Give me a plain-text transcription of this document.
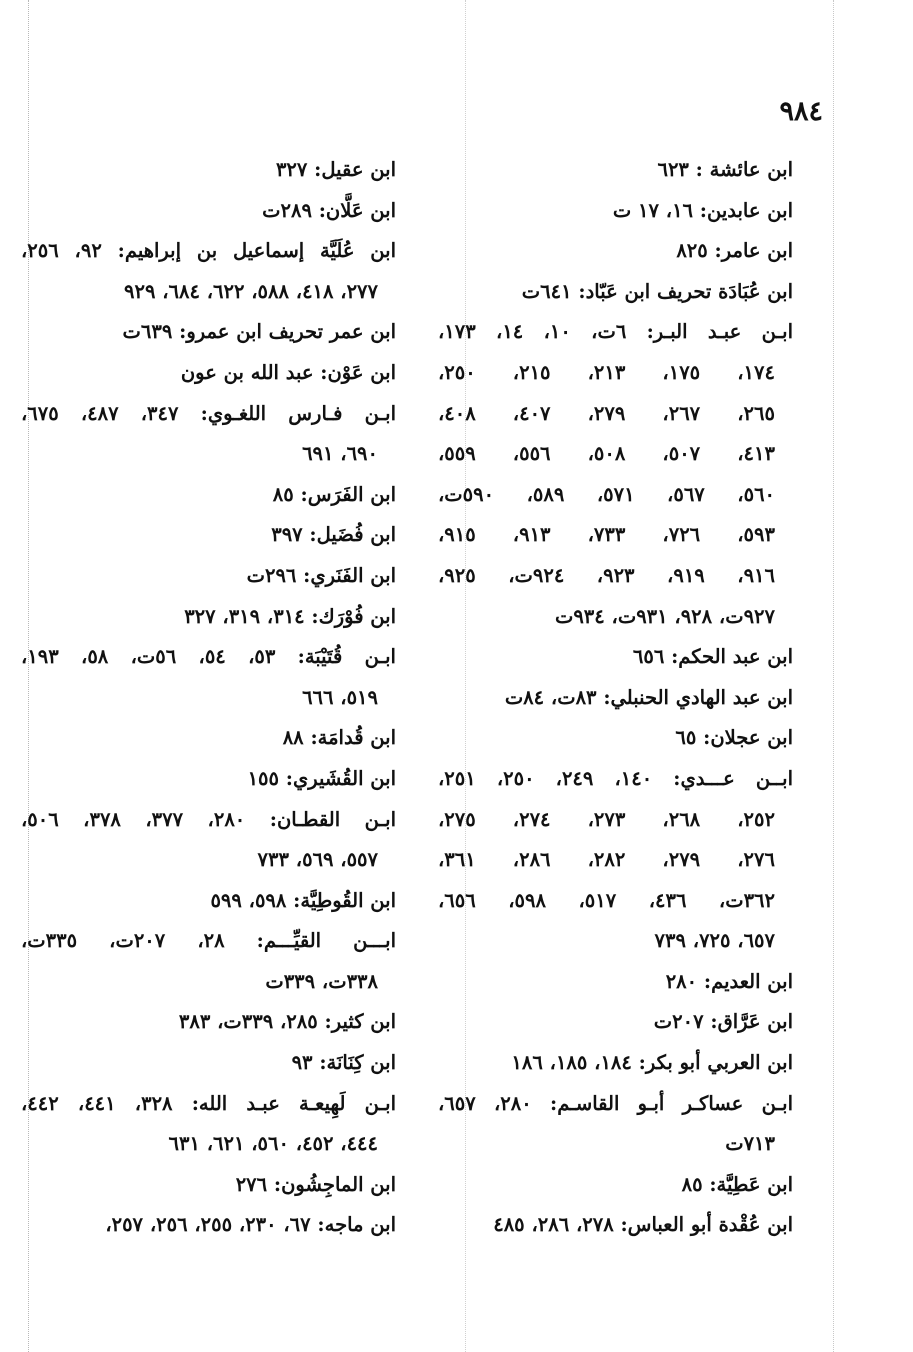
٩٨٤
ابن عائشة : ٦٢٣
ابن عابدين: ١٦، ١٧ ت
ابن عامر: ٨٢٥
ابن عُبَادَة تحريف ابن عَبّاد: ٦٤١ت
ابـن عبـد البـر: ٦ت، ١٠، ١٤، ١٧٣،
١٧٤، ١٧٥، ٢١٣، ٢١٥، ٢٥٠،
٢٦٥، ٢٦٧، ٢٧٩، ٤٠٧، ٤٠٨،
٤١٣، ٥٠٧، ٥٠٨، ٥٥٦، ٥٥٩،
٥٦٠، ٥٦٧، ٥٧١، ٥٨٩، ٥٩٠ت،
٥٩٣، ٧٢٦، ٧٣٣، ٩١٣، ٩١٥،
٩١٦، ٩١٩، ٩٢٣، ٩٢٤ت، ٩٢٥،
٩٢٧ت، ٩٢٨، ٩٣١ت، ٩٣٤ت
ابن عبد الحكم: ٦٥٦
ابن عبد الهادي الحنبلي: ٨٣ت، ٨٤ت
ابن عجلان: ٦٥
ابــن عـــدي: ١٤٠، ٢٤٩، ٢٥٠، ٢٥١،
٢٥٢، ٢٦٨، ٢٧٣، ٢٧٤، ٢٧٥،
٢٧٦، ٢٧٩، ٢٨٢، ٢٨٦، ٣٦١،
٣٦٢ت، ٤٣٦، ٥١٧، ٥٩٨، ٦٥٦،
٦٥٧، ٧٢٥، ٧٣٩
ابن العديم: ٢٨٠
ابن عَرَّاق: ٢٠٧ت
ابن العربي أبو بكر: ١٨٤، ١٨٥، ١٨٦
ابـن عساكـر أبـو القاسـم: ٢٨٠، ٦٥٧،
٧١٣ت
ابن عَطِيَّة: ٨٥
ابن عُقْدة أبو العباس: ٢٧٨، ٢٨٦، ٤٨٥
ابن عقيل: ٣٢٧
ابن عَلَّان: ٢٨٩ت
ابن عُلَيَّة إسماعيل بن إبراهيم: ٩٢، ٢٥٦،
٢٧٧، ٤١٨، ٥٨٨، ٦٢٢، ٦٨٤، ٩٢٩
ابن عمر تحريف ابن عمرو: ٦٣٩ت
ابن عَوْن: عبد الله بن عون
ابـن فـارس اللغـوي: ٣٤٧، ٤٨٧، ٦٧٥،
٦٩٠، ٦٩١
ابن الفَرَس: ٨٥
ابن فُضَيل: ٣٩٧
ابن الفَنَري: ٢٩٦ت
ابن فُوْرَك: ٣١٤، ٣١٩، ٣٢٧
ابـن قُتَيْبَة: ٥٣، ٥٤، ٥٦ت، ٥٨، ١٩٣،
٥١٩، ٦٦٦
ابن قُدامَة: ٨٨
ابن القُشَيري: ١٥٥
ابـن القطـان: ٢٨٠، ٣٧٧، ٣٧٨، ٥٠٦،
٥٥٧، ٥٦٩، ٧٣٣
ابن القُوطِيَّة: ٥٩٨، ٥٩٩
ابـــن القيِّـــم: ٢٨، ٢٠٧ت، ٣٣٥ت،
٣٣٨ت، ٣٣٩ت
ابن كثير: ٢٨٥، ٣٣٩ت، ٣٨٣
ابن كِنَانَة: ٩٣
ابـن لَهِيعـة عبـد الله: ٣٢٨، ٤٤١، ٤٤٢،
٤٤٤، ٤٥٢، ٥٦٠، ٦٢١، ٦٣١
ابن الماجِشُون: ٢٧٦
ابن ماجه: ٦٧، ٢٣٠، ٢٥٥، ٢٥٦، ٢٥٧،
